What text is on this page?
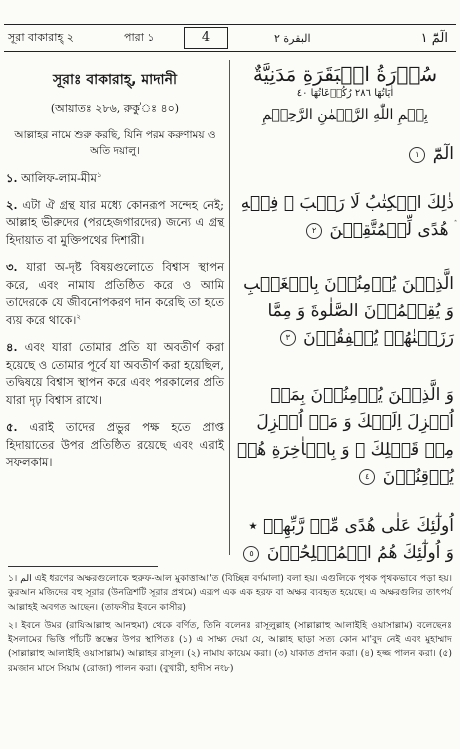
সূরা বাকারাহ্ ২	পারা ১	4	البقرة ٢	الٓمّٓ ١
সূরাঃ বাকারাহ্, মাদানী
(আয়াতঃ ২৮৬, রুকু'ঃ ৪০)
আল্লাহর নামে শুরু করছি, যিনি পরম করুণাময় ও অতি দয়ালু।
১. আলিফ-লাম-মীম$^১$
২. এটা ঐ গ্রন্থ যার মধ্যে কোনরূপ সন্দেহ নেই; আল্লাহ ভীরুদের (পরহেজগারদের) জন্যে এ গ্রন্থ হিদায়াত বা মুক্তিপথের দিশারী।
৩. যারা অ-দৃষ্ট বিষয়গুলোতে বিশ্বাস স্থাপন করে, এবং নামায প্রতিষ্ঠিত করে ও আমি তাদেরকে যে জীবনোপকরণ দান করেছি তা হতে ব্যয় করে থাকে।$^২$
৪. এবং যারা তোমার প্রতি যা অবতীর্ণ করা হয়েছে ও তোমার পূর্বে যা অবতীর্ণ করা হয়েছিল, তদ্বিষয়ে বিশ্বাস স্থাপন করে এবং পরকালের প্রতি যারা দৃঢ় বিশ্বাস রাখে।
৫. এরাই তাদের প্রভুর পক্ষ হতে প্রাপ্ত হিদায়াতের উপর প্রতিষ্ঠিত রয়েছে এবং এরাই সফলকাম।
سُوۡرَةُ الۡبَقَرَةِ مَدَنِيَّةٌ
اٰیَاتُهَا ٢٨٦ رُكُوۡعَاتُهَا ٤٠
بِسۡمِ اللّٰهِ الرَّحۡمٰنِ الرَّحِیۡمِ
الٓمّٓ ١
ذٰلِكَ الۡكِتٰبُ لَا رَیۡبَ ۛ فِیۡهِ ۛ هُدًى لِّلۡمُتَّقِیۡنَ ٢
الَّذِیۡنَ یُؤۡمِنُوۡنَ بِالۡغَیۡبِ وَ یُقِیۡمُوۡنَ الصَّلٰوةَ وَ مِمَّا رَزَقۡنٰهُمۡ یُنۡفِقُوۡنَ ٣
وَ الَّذِیۡنَ یُؤۡمِنُوۡنَ بِمَاۤ اُنۡزِلَ اِلَیۡكَ وَ مَاۤ اُنۡزِلَ مِنۡ قَبۡلِكَ ۚ وَ بِالۡاٰخِرَةِ هُمۡ یُوۡقِنُوۡنَ ٤
اُولٰٓئِكَ عَلٰی هُدًى مِّنۡ رَّبِّهِمۡ ٭ وَ اُولٰٓئِكَ هُمُ الۡمُفۡلِحُوۡنَ ٥

১। الم এই ধরণের অক্ষরগুলোকে হুরুফ-আল মুকাত্তাআ'ত (বিচ্ছিন্ন বর্ণমালা) বলা হয়। এগুলিকে পৃথক পৃথকভাবে পড়া হয়। কুরআন মজিদের বহু সূরার (উনত্রিশটি সূরার প্রথমে) এরূপ এক এক হরফ বা অক্ষর ব্যবহৃত হয়েছে। এ অক্ষরগুলির তাৎপর্য আল্লাহই অবগত আছেন। (তাফসীর ইবনে কাসীর)

২। ইবনে উমর (রাযিআল্লাহু আনহুমা) থেকে বর্ণিত, তিনি বলেনঃ রাসূলুল্লাহ (সাল্লাল্লাহু আলাইহি ওয়াসাল্লাম) বলেছেনঃ ইসলামের ভিত্তি পাঁচটি স্তম্ভের উপর স্থাপিতঃ (১) এ সাক্ষ্য দেয়া যে, আল্লাহ ছাড়া সত্য কোন মা'বুদ নেই এবং মুহাম্মাদ (সাল্লাল্লাহু আলাইহি ওয়াসাল্লাম) আল্লাহর রাসূল। (২) নামায কায়েম করা। (৩) যাকাত প্রদান করা। (৪) হজ্জ পালন করা। (৫) রমজান মাসে সিয়াম (রোজা) পালন করা। (বুখারী, হাদীস নং৮)
